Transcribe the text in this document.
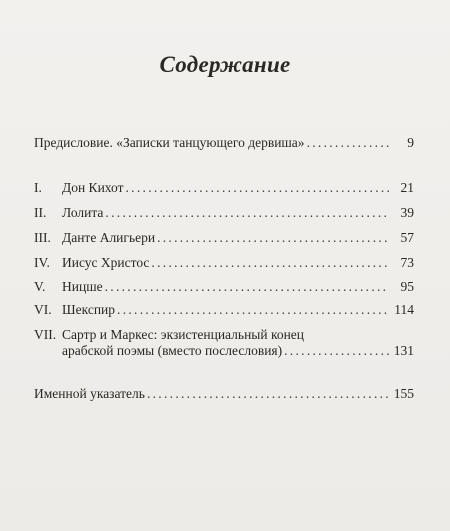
Содержание
Предисловие. «Записки танцующего дервиша» .....	9
I.	Дон Кихот .....	21
II.	Лолита .....	39
III. Данте Алигьери .....	57
IV. Иисус Христос .....	73
V.	Ницше .....	95
VI. Шекспир .....	114
VII. Сартр и Маркес: экзистенциальный конец
арабской поэмы (вместо послесловия) .....	131
Именной указатель .....	155
